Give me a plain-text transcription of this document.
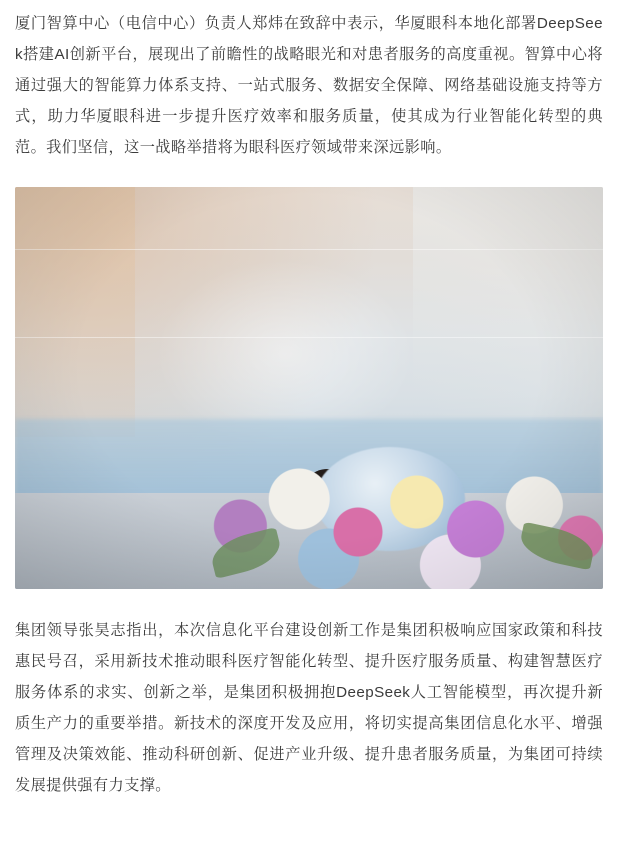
厦门智算中心（电信中心）负责人郑炜在致辞中表示，华厦眼科本地化部署DeepSeek搭建AI创新平台，展现出了前瞻性的战略眼光和对患者服务的高度重视。智算中心将通过强大的智能算力体系支持、一站式服务、数据安全保障、网络基础设施支持等方式，助力华厦眼科进一步提升医疗效率和服务质量，使其成为行业智能化转型的典范。我们坚信，这一战略举措将为眼科医疗领域带来深远影响。

集团领导张昊志指出，本次信息化平台建设创新工作是集团积极响应国家政策和科技惠民号召，采用新技术推动眼科医疗智能化转型、提升医疗服务质量、构建智慧医疗服务体系的求实、创新之举，是集团积极拥抱DeepSeek人工智能模型，再次提升新质生产力的重要举措。新技术的深度开发及应用，将切实提高集团信息化水平、增强管理及决策效能、推动科研创新、促进产业升级、提升患者服务质量，为集团可持续发展提供强有力支撑。
